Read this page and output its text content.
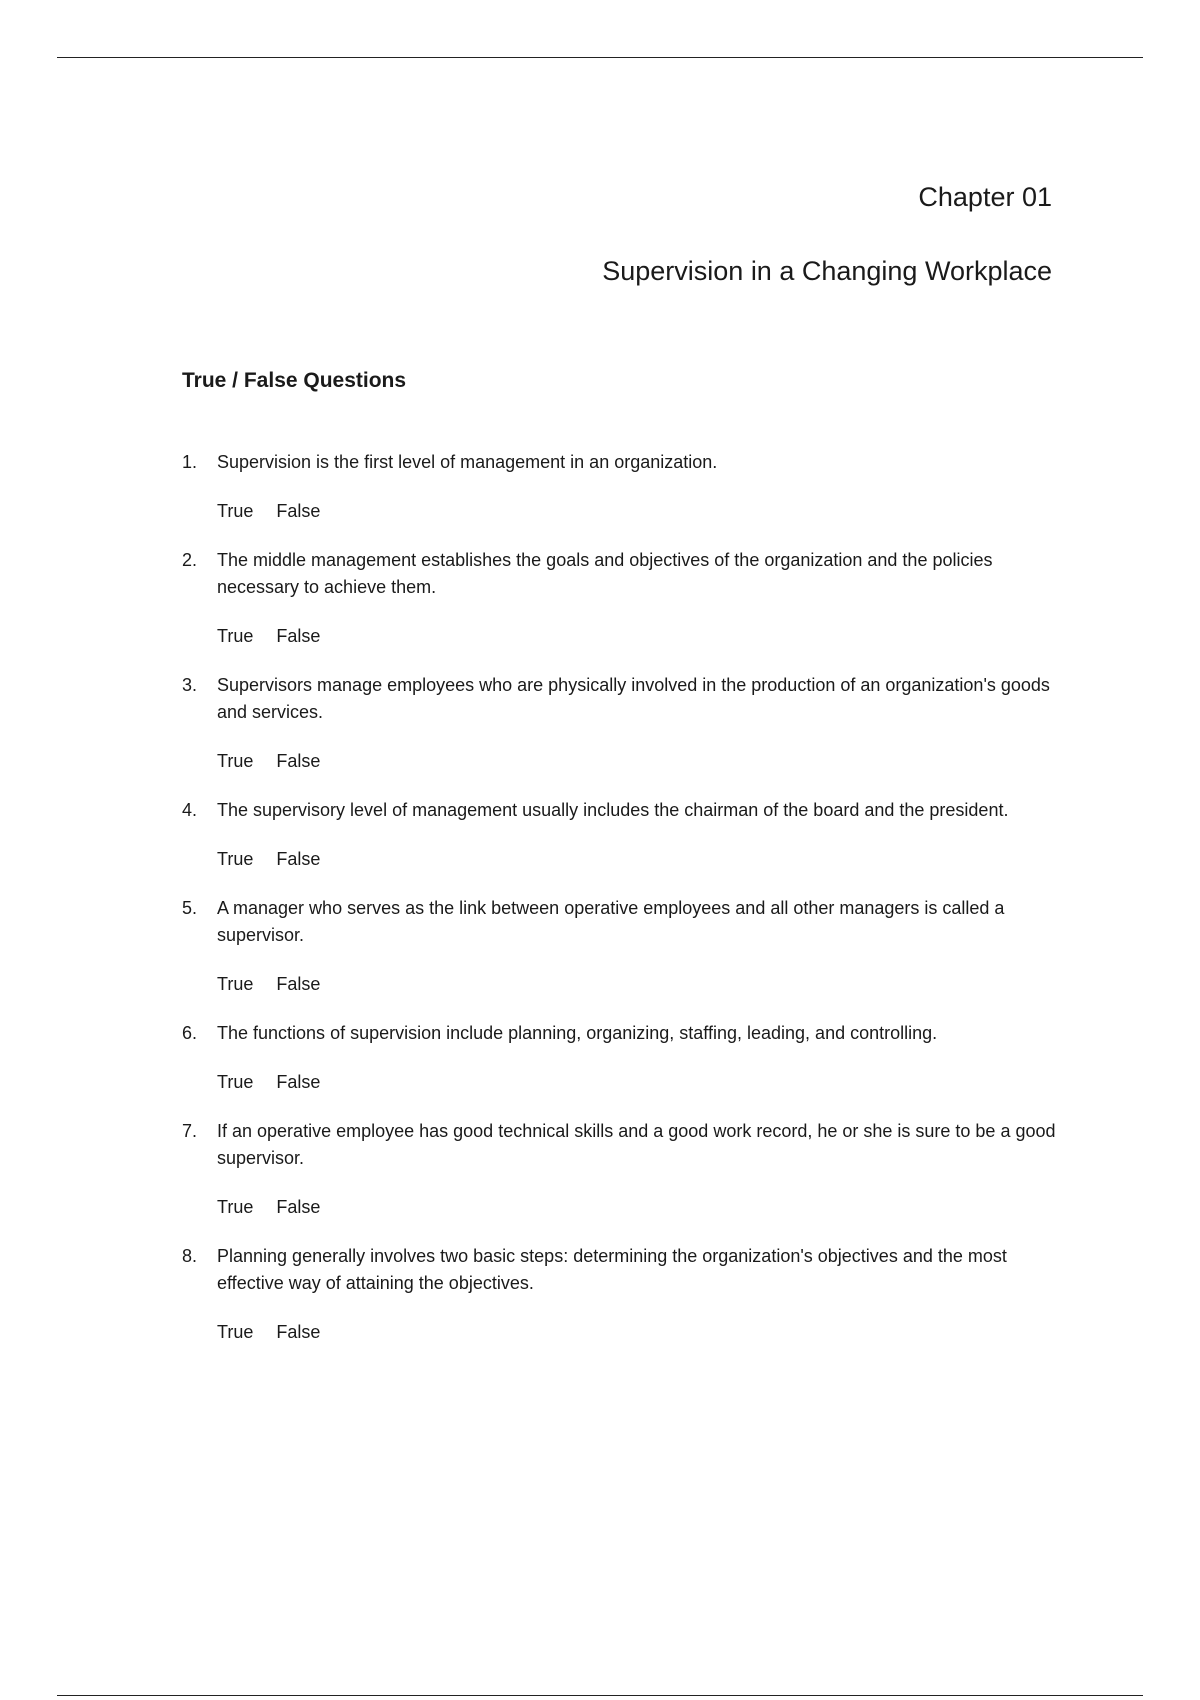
Chapter 01
Supervision in a Changing Workplace
True / False Questions
1. Supervision is the first level of management in an organization.

True False
2. The middle management establishes the goals and objectives of the organization and the policies necessary to achieve them.

True False
3. Supervisors manage employees who are physically involved in the production of an organization's goods and services.

True False
4. The supervisory level of management usually includes the chairman of the board and the president.

True False
5. A manager who serves as the link between operative employees and all other managers is called a supervisor.

True False
6. The functions of supervision include planning, organizing, staffing, leading, and controlling.

True False
7. If an operative employee has good technical skills and a good work record, he or she is sure to be a good supervisor.

True False
8. Planning generally involves two basic steps: determining the organization's objectives and the most effective way of attaining the objectives.

True False
